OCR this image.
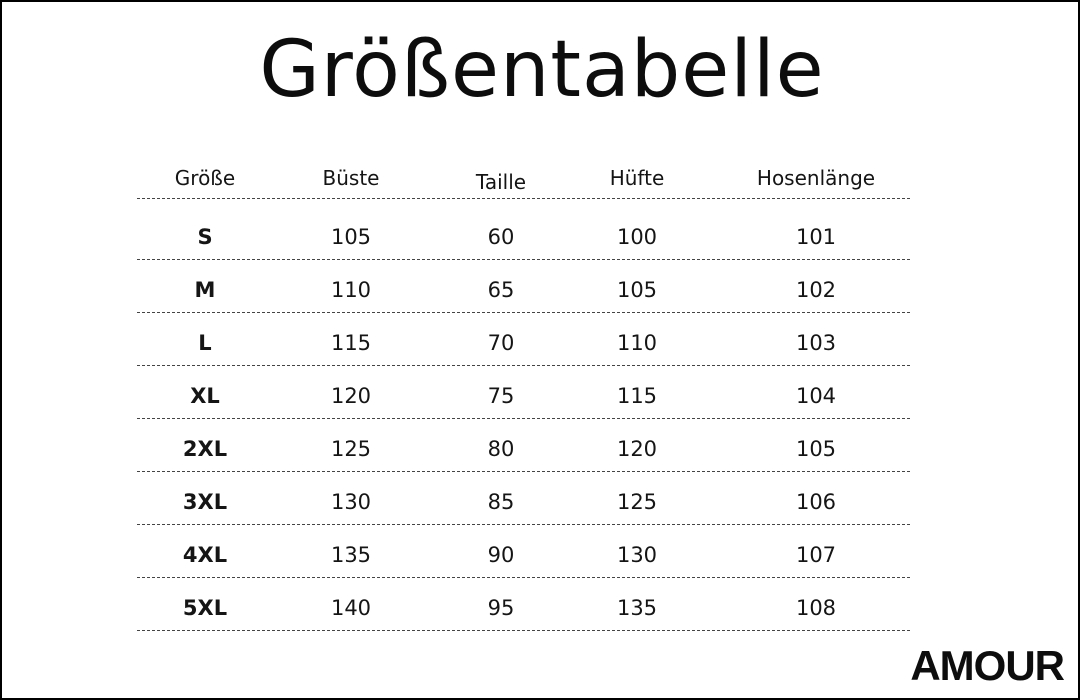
Größentabelle
Größe	Büste	Taille	Hüfte	Hosenlänge
S	105	60	100	101
M	110	65	105	102
L	115	70	110	103
XL	120	75	115	104
2XL	125	80	120	105
3XL	130	85	125	106
4XL	135	90	130	107
5XL	140	95	135	108
AMOUR
